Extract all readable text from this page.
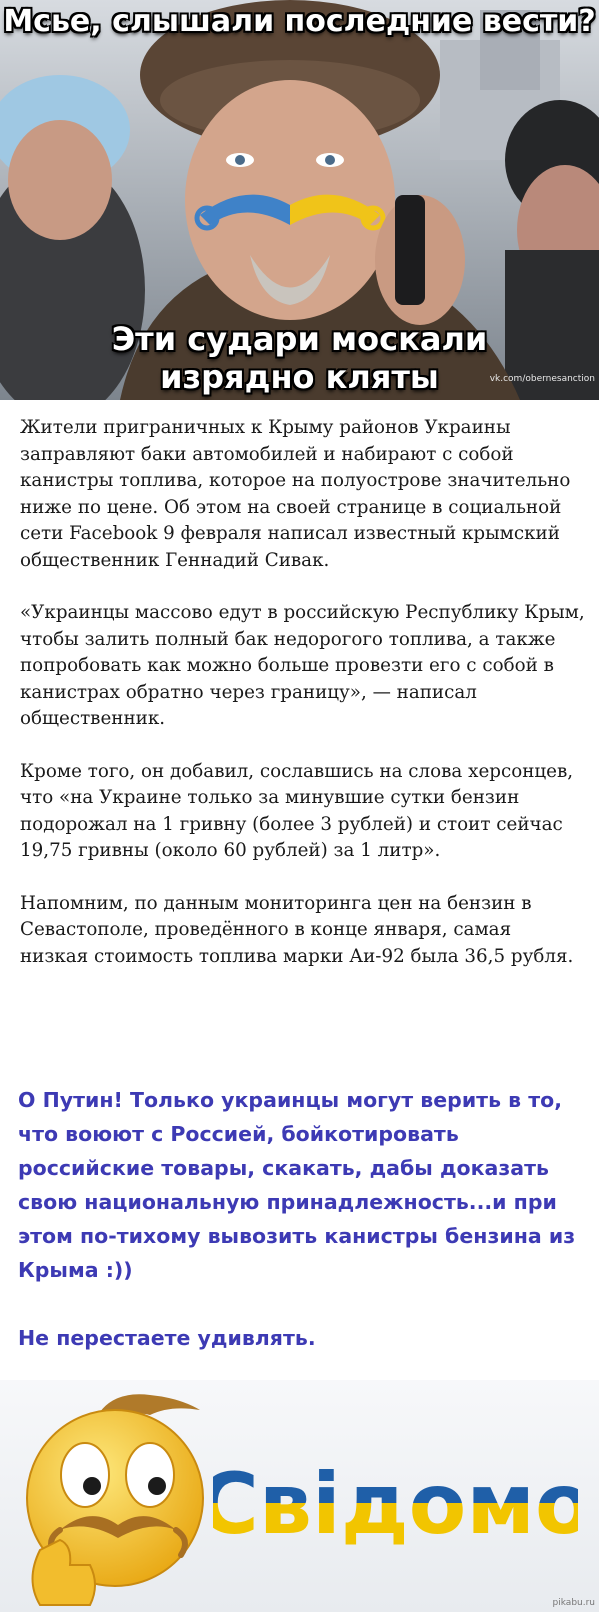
Мсье, слышали последние вести?
Эти судари москали
изрядно кляты	vk.com/obernesanction

Жители приграничных к Крыму районов Украины заправляют баки автомобилей и набирают с собой канистры топлива, которое на полуострове значительно ниже по цене. Об этом на своей странице в социальной сети Facebook 9 февраля написал известный крымский общественник Геннадий Сивак.

«Украинцы массово едут в российскую Республику Крым, чтобы залить полный бак недорогого топлива, а также попробовать как можно больше провезти его с собой в канистрах обратно через границу», — написал общественник.

Кроме того, он добавил, сославшись на слова херсонцев, что «на Украине только за минувшие сутки бензин подорожал на 1 гривну (более 3 рублей) и стоит сейчас 19,75 гривны (около 60 рублей) за 1 литр».

Напомним, по данным мониторинга цен на бензин в Севастополе, проведённого в конце января, самая низкая стоимость топлива марки Аи-92 была 36,5 рубля.

О Путин! Только украинцы могут верить в то, что воюют с Россией, бойкотировать российские товары, скакать, дабы доказать свою национальную принадлежность...и при этом по-тихому вывозить канистры бензина из Крыма :))

Не перестаете удивлять.

pikabu.ru
